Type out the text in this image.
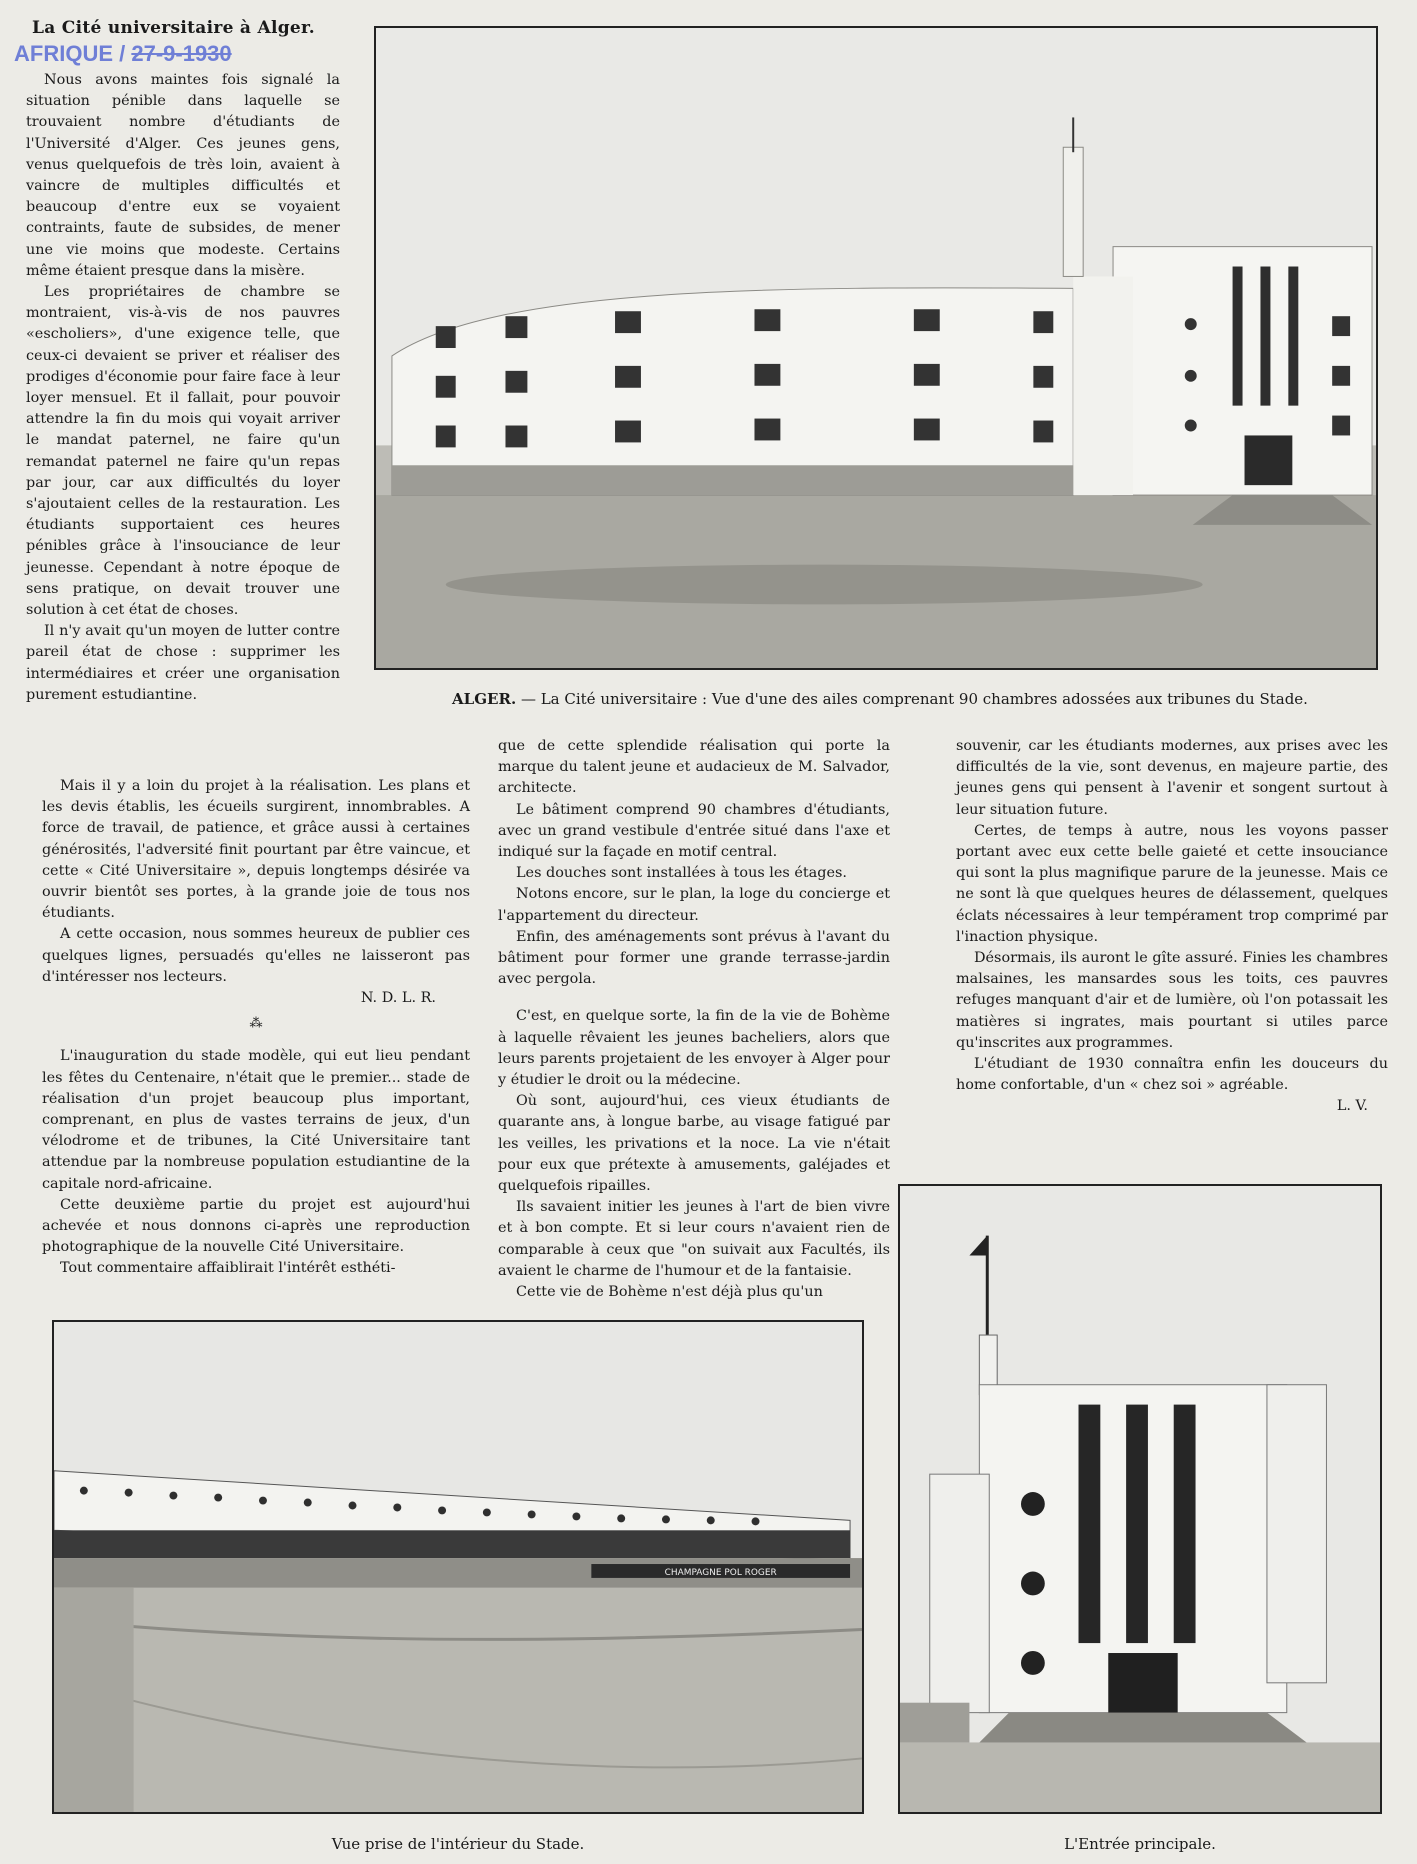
La Cité universitaire à Alger.
AFRIQUE / 27-9-1930

Nous avons maintes fois signalé la situation pénible dans laquelle se trouvaient nombre d'étudiants de l'Université d'Alger. Ces jeunes gens, venus quelquefois de très loin, avaient à vaincre de multiples difficultés et beaucoup d'entre eux se voyaient contraints, faute de subsides, de mener une vie moins que modeste. Certains même étaient presque dans la misère.

Les propriétaires de chambre se montraient, vis-à-vis de nos pauvres «escholiers», d'une exigence telle, que ceux-ci devaient se priver et réaliser des prodiges d'économie pour faire face à leur loyer mensuel. Et il fallait, pour pouvoir attendre la fin du mois qui voyait arriver le mandat paternel, ne faire qu'un remandat paternel ne faire qu'un repas par jour, car aux difficultés du loyer s'ajoutaient celles de la restauration. Les étudiants supportaient ces heures pénibles grâce à l'insouciance de leur jeunesse. Cependant à notre époque de sens pratique, on devait trouver une solution à cet état de choses.

Il n'y avait qu'un moyen de lutter contre pareil état de chose : supprimer les intermédiaires et créer une organisation purement estudiantine.

Mais il y a loin du projet à la réalisation. Les plans et les devis établis, les écueils surgirent, innombrables. A force de travail, de patience, et grâce aussi à certaines générosités, l'adversité finit pourtant par être vaincue, et cette « Cité Universitaire », depuis longtemps désirée va ouvrir bientôt ses portes, à la grande joie de tous nos étudiants.

A cette occasion, nous sommes heureux de publier ces quelques lignes, persuadés qu'elles ne laisseront pas d'intéresser nos lecteurs.

N. D. L. R.
⁂

L'inauguration du stade modèle, qui eut lieu pendant les fêtes du Centenaire, n'était que le premier... stade de réalisation d'un projet beaucoup plus important, comprenant, en plus de vastes terrains de jeux, d'un vélodrome et de tribunes, la Cité Universitaire tant attendue par la nombreuse population estudiantine de la capitale nord-africaine.

Cette deuxième partie du projet est aujourd'hui achevée et nous donnons ci-après une reproduction photographique de la nouvelle Cité Universitaire.

Tout commentaire affaiblirait l'intérêt esthéti-

ALGER. — La Cité universitaire : Vue d'une des ailes comprenant 90 chambres adossées aux tribunes du Stade.

que de cette splendide réalisation qui porte la marque du talent jeune et audacieux de M. Salvador, architecte.

Le bâtiment comprend 90 chambres d'étudiants, avec un grand vestibule d'entrée situé dans l'axe et indiqué sur la façade en motif central.

Les douches sont installées à tous les étages.

Notons encore, sur le plan, la loge du concierge et l'appartement du directeur.

Enfin, des aménagements sont prévus à l'avant du bâtiment pour former une grande terrasse-jardin avec pergola.

C'est, en quelque sorte, la fin de la vie de Bohème à laquelle rêvaient les jeunes bacheliers, alors que leurs parents projetaient de les envoyer à Alger pour y étudier le droit ou la médecine.

Où sont, aujourd'hui, ces vieux étudiants de quarante ans, à longue barbe, au visage fatigué par les veilles, les privations et la noce. La vie n'était pour eux que prétexte à amusements, galéjades et quelquefois ripailles.

Ils savaient initier les jeunes à l'art de bien vivre et à bon compte. Et si leur cours n'avaient rien de comparable à ceux que "on suivait aux Facultés, ils avaient le charme de l'humour et de la fantaisie.

Cette vie de Bohème n'est déjà plus qu'un

souvenir, car les étudiants modernes, aux prises avec les difficultés de la vie, sont devenus, en majeure partie, des jeunes gens qui pensent à l'avenir et songent surtout à leur situation future.

Certes, de temps à autre, nous les voyons passer portant avec eux cette belle gaieté et cette insouciance qui sont la plus magnifique parure de la jeunesse. Mais ce ne sont là que quelques heures de délassement, quelques éclats nécessaires à leur tempérament trop comprimé par l'inaction physique.

Désormais, ils auront le gîte assuré. Finies les chambres malsaines, les mansardes sous les toits, ces pauvres refuges manquant d'air et de lumière, où l'on potassait les matières si ingrates, mais pourtant si utiles parce qu'inscrites aux programmes.

L'étudiant de 1930 connaîtra enfin les douceurs du home confortable, d'un « chez soi » agréable.

L. V.
CHAMPAGNE POL ROGER
Vue prise de l'intérieur du Stade.	L'Entrée principale.
